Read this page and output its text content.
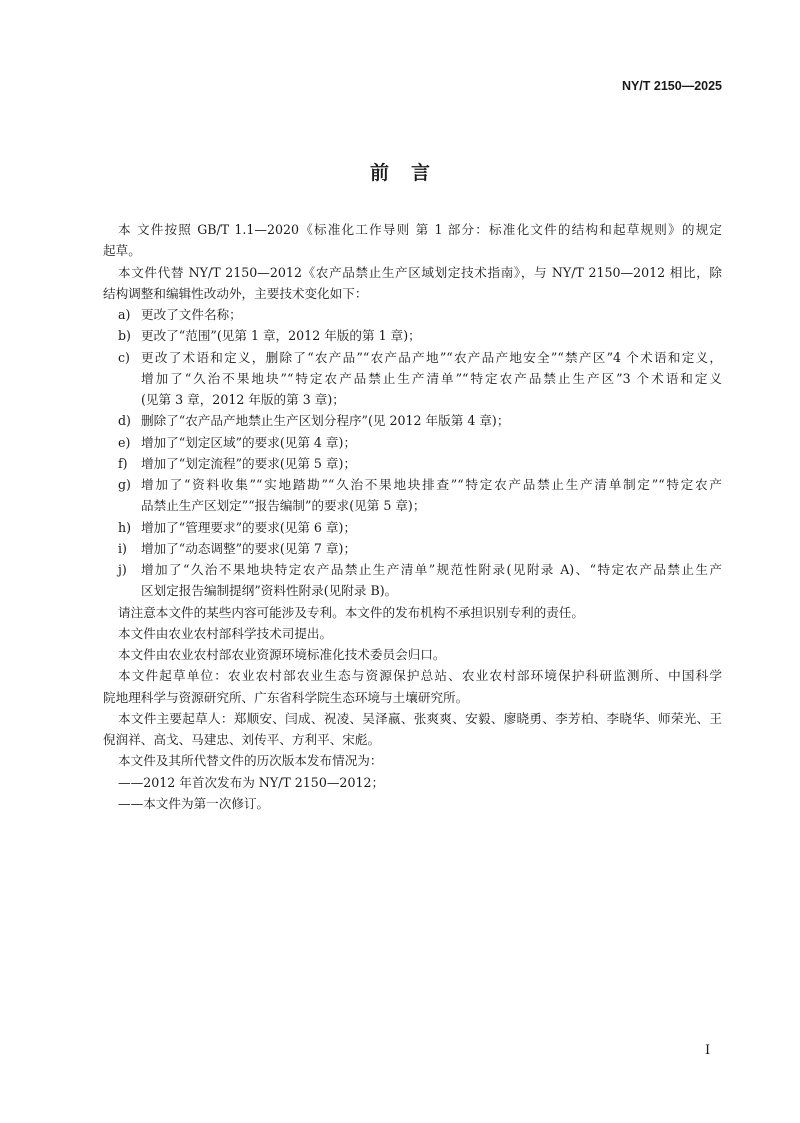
NY/T 2150—2025
前言
本 文件按照 GB/T 1.1—2020《标准化工作导则 第 1 部分：标准化文件的结构和起草规则》的规定
起草。
本文件代替 NY/T 2150—2012《农产品禁止生产区域划定技术指南》，与 NY/T 2150—2012 相比，除
结构调整和编辑性改动外，主要技术变化如下：
a) 更改了文件名称；
b) 更改了“范围”(见第 1 章，2012 年版的第 1 章)；
c) 更改了术语和定义，删除了“农产品”“农产品产地”“农产品产地安全”“禁产区”4 个术语和定义，
增加了“久治不果地块”“特定农产品禁止生产清单”“特定农产品禁止生产区”3 个术语和定义
(见第 3 章，2012 年版的第 3 章)；
d) 删除了“农产品产地禁止生产区划分程序”(见 2012 年版第 4 章)；
e) 增加了“划定区域”的要求(见第 4 章)；
f) 增加了“划定流程”的要求(见第 5 章)；
g) 增加了“资料收集”“实地踏勘”“久治不果地块排查”“特定农产品禁止生产清单制定”“特定农产
品禁止生产区划定”“报告编制”的要求(见第 5 章)；
h) 增加了“管理要求”的要求(见第 6 章)；
i) 增加了“动态调整”的要求(见第 7 章)；
j) 增加了“久治不果地块特定农产品禁止生产清单”规范性附录(见附录 A)、“特定农产品禁止生产
区划定报告编制提纲”资料性附录(见附录 B)。
请注意本文件的某些内容可能涉及专利。本文件的发布机构不承担识别专利的责任。
本文件由农业农村部科学技术司提出。
本文件由农业农村部农业资源环境标准化技术委员会归口。
本文件起草单位：农业农村部农业生态与资源保护总站、农业农村部环境保护科研监测所、中国科学
院地理科学与资源研究所、广东省科学院生态环境与土壤研究所。
本文件主要起草人：郑顺安、闫成、祝凌、吴泽嬴、张爽爽、安毅、廖晓勇、李芳柏、李晓华、师荣光、王
倪润祥、高戈、马建忠、刘传平、方利平、宋彪。
本文件及其所代替文件的历次版本发布情况为：
——2012 年首次发布为 NY/T 2150—2012；
——本文件为第一次修订。
I
